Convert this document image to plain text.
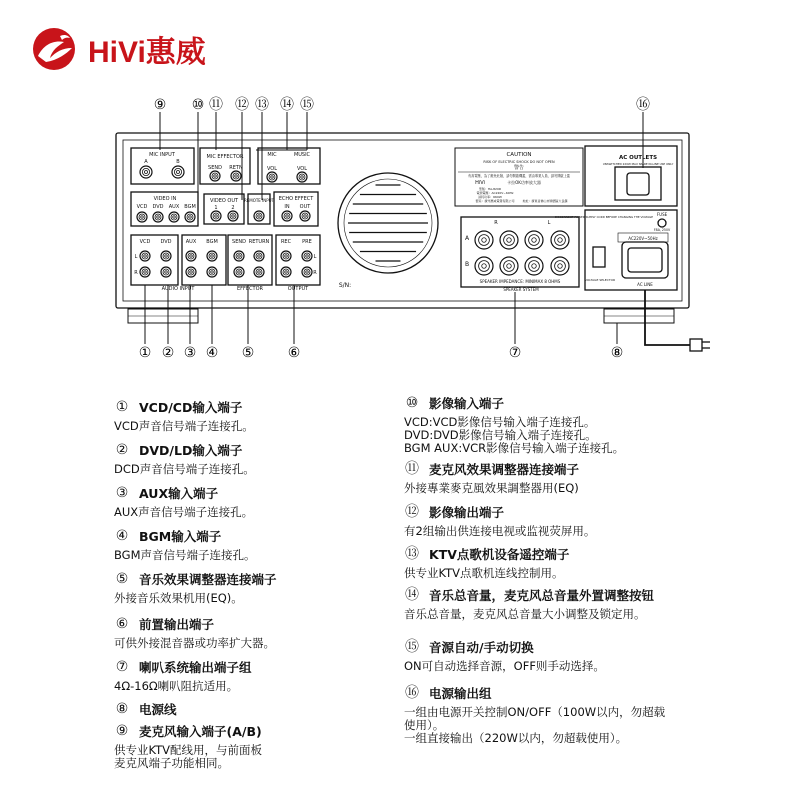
HiVi惠威
⑨ ⑩ ⑪ ⑫ ⑬ ⑭ ⑮	⑯
① ② ③ ④ ⑤ ⑥	⑦	⑧
MIC INPUT
A	B
MIC EFFECTOR
SEND RETN
MIC	MUSIC
VOL	VOL
VIDEO IN
VCD DVD AUX BGM
VIDEO OUT
1	2
REMOTE INPUT ECHO EFFECT
IN OUT
VCD DVD	AUX BGM	SEND RETURN REC PRE
AUDIO INPUT	EFFECTOR	OUTPUT
L
R
L
R
S/N:
CAUTION
RISK OF ELECTRIC SHOCK DO NOT OPEN
警告
有高電壓，為了避免危險，請勿開啟機蓋，需由專業人員，請勿開啟上蓋
HiVi	卡拉OK功率放大器
型號：HA-820D
電源電壓：AC220V~60Hz
消耗功率：660W
製造：廣州惠威電聲有限公司	地址：廣東省佛山市順德區大良鎮
A
B
R	L
SPEAKER IMPEDANCE: MINIMAX 8 OHMS
SPEAKER SYSTEM
AC OUTLETS
UNSWITCHED 220W MAX SPARE IN-LINE USE ONLY
DISCONNECT POWER SUPPLY CORD BEFORE CHANGING THE VOLTAGE FUSE
F8A, 250V
AC220V~50Hz
VOLTAGE SELECTOR
AC LINE
① VCD/CD输入端子
VCD声音信号端子连接孔。
② DVD/LD输入端子
DCD声音信号端子连接孔。
③ AUX输入端子
AUX声音信号端子连接孔。
④ BGM输入端子
BGM声音信号端子连接孔。
⑤ 音乐效果调整器连接端子
外接音乐效果机用(EQ)。
⑥ 前置输出端子
可供外接混音器或功率扩大器。
⑦ 喇叭系统输出端子组
4Ω-16Ω喇叭阻抗适用。
⑧ 电源线
⑨ 麦克风输入端子(A/B)
供专业KTV配线用，与前面板
麦克风端子功能相同。
⑩ 影像输入端子
VCD:VCD影像信号输入端子连接孔。
DVD:DVD影像信号输入端子连接孔。
BGM AUX:VCR影像信号输入端子连接孔。
⑪ 麦克风效果调整器连接端子
外接專業麥克風效果調整器用(EQ)
⑫ 影像输出端子
有2组输出供连接电视或监视荧屏用。
⑬ KTV点歌机设备遥控端子
供专业KTV点歌机连线控制用。
⑭ 音乐总音量，麦克风总音量外置调整按钮
音乐总音量，麦克风总音量大小调整及锁定用。
⑮ 音源自动/手动切换
ON可自动选择音源，OFF则手动选择。
⑯ 电源输出组
一组由电源开关控制ON/OFF（100W以内，勿超载
使用）。
一组直接输出（220W以内，勿超载使用）。
